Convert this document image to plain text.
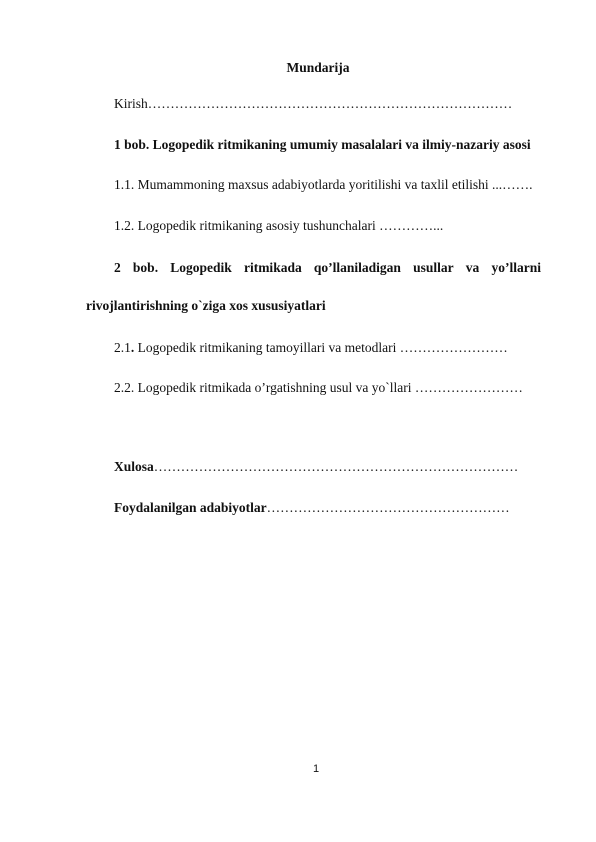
Mundarija
Kirish………………………………………………………………………
1 bob. Logopedik ritmikaning umumiy masalalari va ilmiy-nazariy asosi
1.1. Mumammoning maxsus adabiyotlarda yoritilishi va taxlil etilishi ...…….
1.2. Logopedik ritmikaning asosiy tushunchalari …………...
2 bob. Logopedik ritmikada qo’llaniladigan usullar va yo’llarni
rivojlantirishning o`ziga xos xususiyatlari
2.1. Logopedik ritmikaning tamoyillari va metodlari ……………………
2.2. Logopedik ritmikada o’rgatishning usul va yo`llari ……………………
Xulosa………………………………………………………………………
Foydalanilgan adabiyotlar………………………………………………
1
